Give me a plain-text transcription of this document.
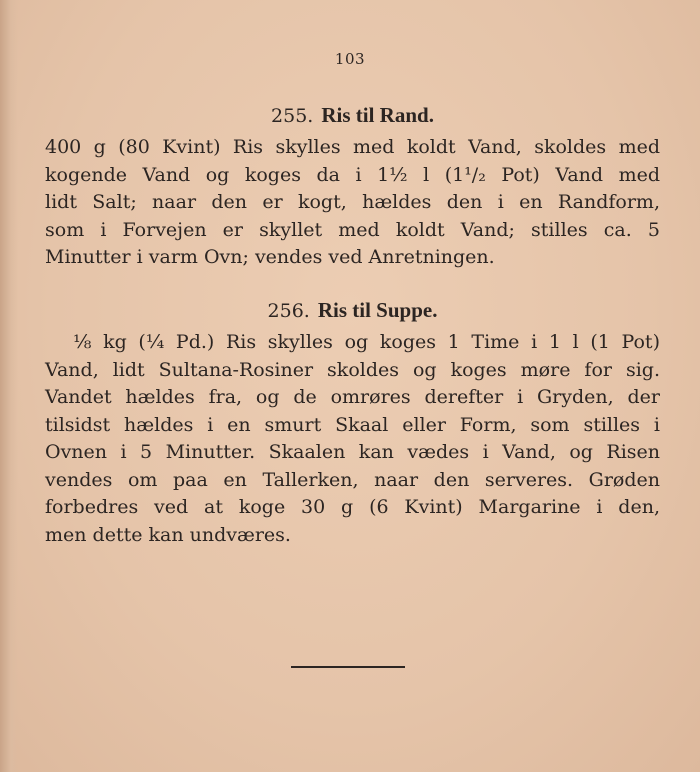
103
255. Ris til Rand.
400 g (80 Kvint) Ris skylles med koldt Vand, skoldes med
kogende Vand og koges da i 1½ l (1¹/₂ Pot) Vand med
lidt Salt; naar den er kogt, hældes den i en Randform,
som i Forvejen er skyllet med koldt Vand; stilles ca. 5
Minutter i varm Ovn; vendes ved Anretningen.
256. Ris til Suppe.
⅛ kg (¼ Pd.) Ris skylles og koges 1 Time i 1 l (1 Pot)
Vand, lidt Sultana-Rosiner skoldes og koges møre for sig.
Vandet hældes fra, og de omrøres derefter i Gryden, der
tilsidst hældes i en smurt Skaal eller Form, som stilles i
Ovnen i 5 Minutter. Skaalen kan vædes i Vand, og Risen
vendes om paa en Tallerken, naar den serveres. Grøden
forbedres ved at koge 30 g (6 Kvint) Margarine i den,
men dette kan undværes.
